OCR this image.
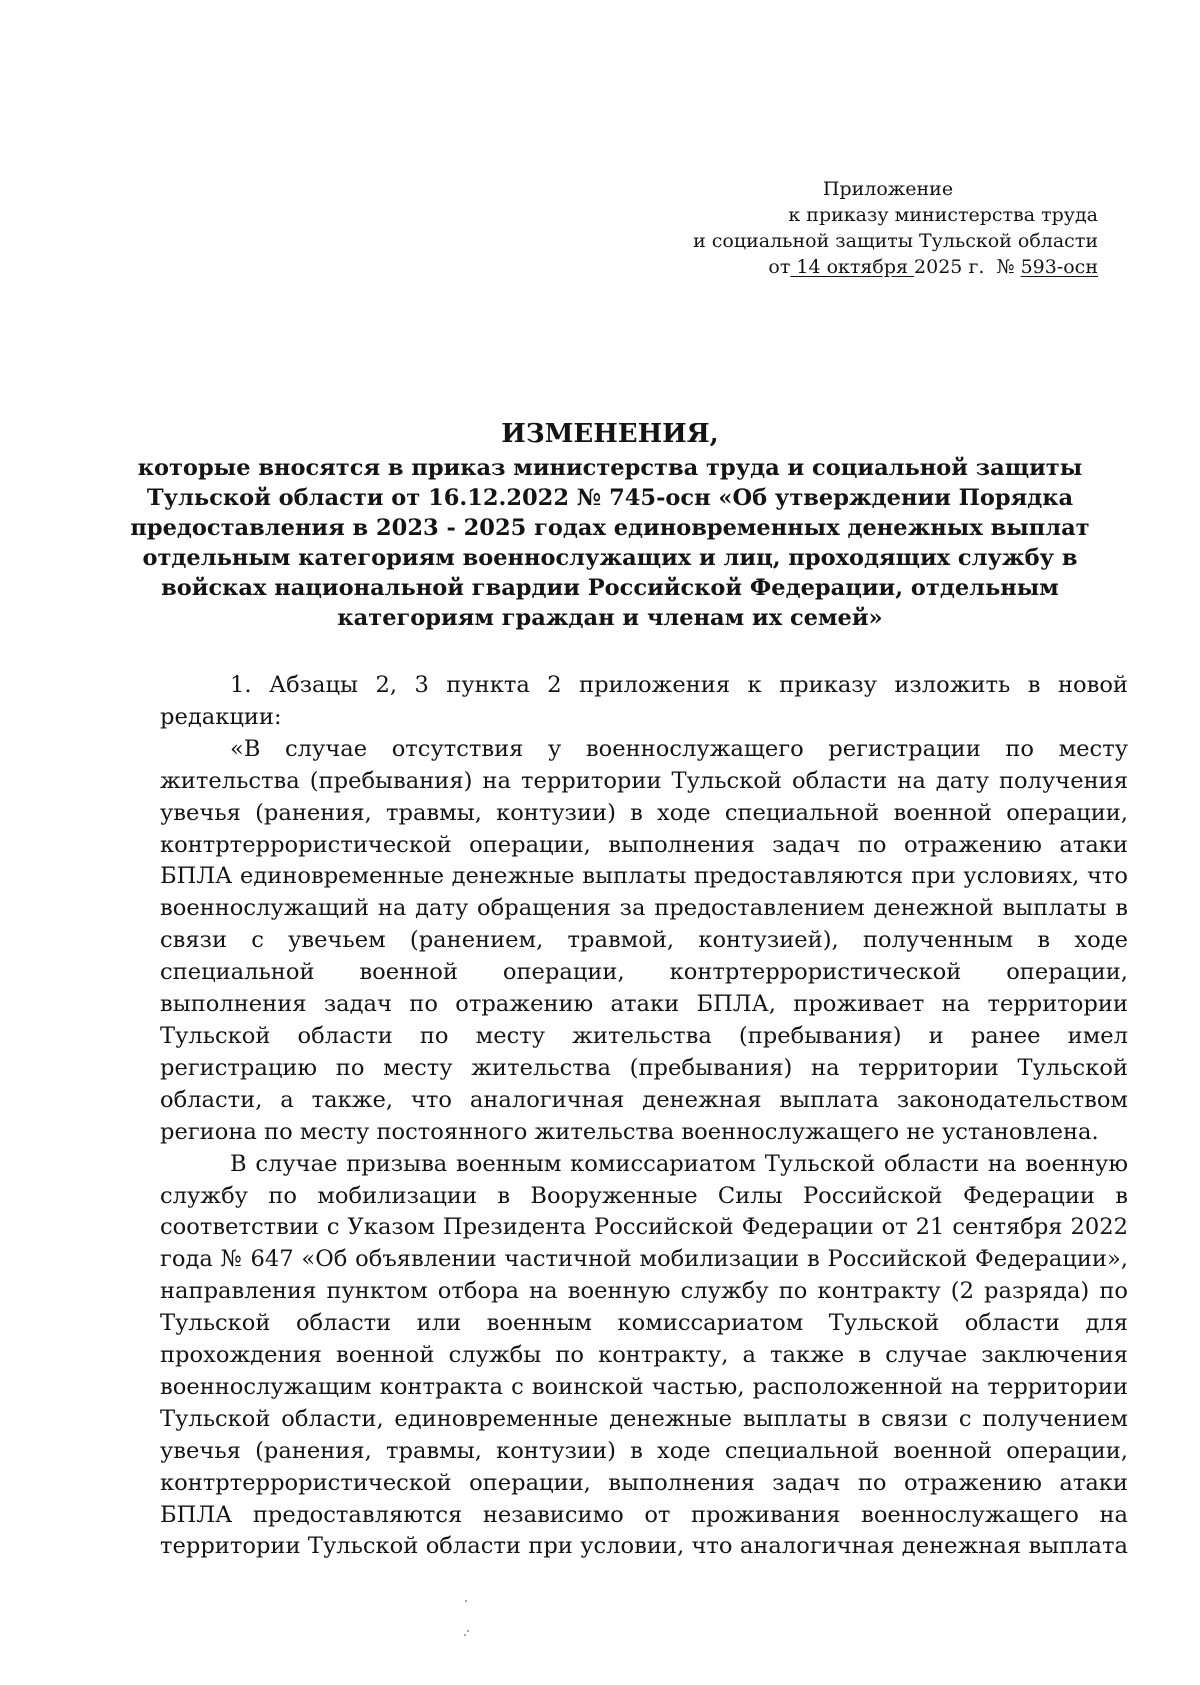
Приложение
к приказу министерства труда
и социальной защиты Тульской области
от 14 октября 2025 г. № 593-осн
ИЗМЕНЕНИЯ,
которые вносятся в приказ министерства труда и социальной защиты
Тульской области от 16.12.2022 № 745-осн «Об утверждении Порядка
предоставления в 2023 - 2025 годах единовременных денежных выплат
отдельным категориям военнослужащих и лиц, проходящих службу в
войсках национальной гвардии Российской Федерации, отдельным
категориям граждан и членам их семей»

1. Абзацы 2, 3 пункта 2 приложения к приказу изложить в новой редакции:

«В случае отсутствия у военнослужащего регистрации по месту жительства (пребывания) на территории Тульской области на дату получения увечья (ранения, травмы, контузии) в ходе специальной военной операции, контртеррористической операции, выполнения задач по отражению атаки БПЛА единовременные денежные выплаты предоставляются при условиях, что военнослужащий на дату обращения за предоставлением денежной выплаты в связи с увечьем (ранением, травмой, контузией), полученным в ходе специальной военной операции, контртеррористической операции, выполнения задач по отражению атаки БПЛА, проживает на территории Тульской области по месту жительства (пребывания) и ранее имел регистрацию по месту жительства (пребывания) на территории Тульской области, а также, что аналогичная денежная выплата законодательством региона по месту постоянного жительства военнослужащего не установлена.

В случае призыва военным комиссариатом Тульской области на военную службу по мобилизации в Вооруженные Силы Российской Федерации в соответствии с Указом Президента Российской Федерации от 21 сентября 2022 года № 647 «Об объявлении частичной мобилизации в Российской Федерации», направления пунктом отбора на военную службу по контракту (2 разряда) по Тульской области или военным комиссариатом Тульской области для прохождения военной службы по контракту, а также в случае заключения военнослужащим контракта с воинской частью, расположенной на территории Тульской области, единовременные денежные выплаты в связи с получением увечья (ранения, травмы, контузии) в ходе специальной военной операции, контртеррористической операции, выполнения задач по отражению атаки БПЛА предоставляются независимо от проживания военнослужащего на территории Тульской области при условии, что аналогичная денежная выплата
